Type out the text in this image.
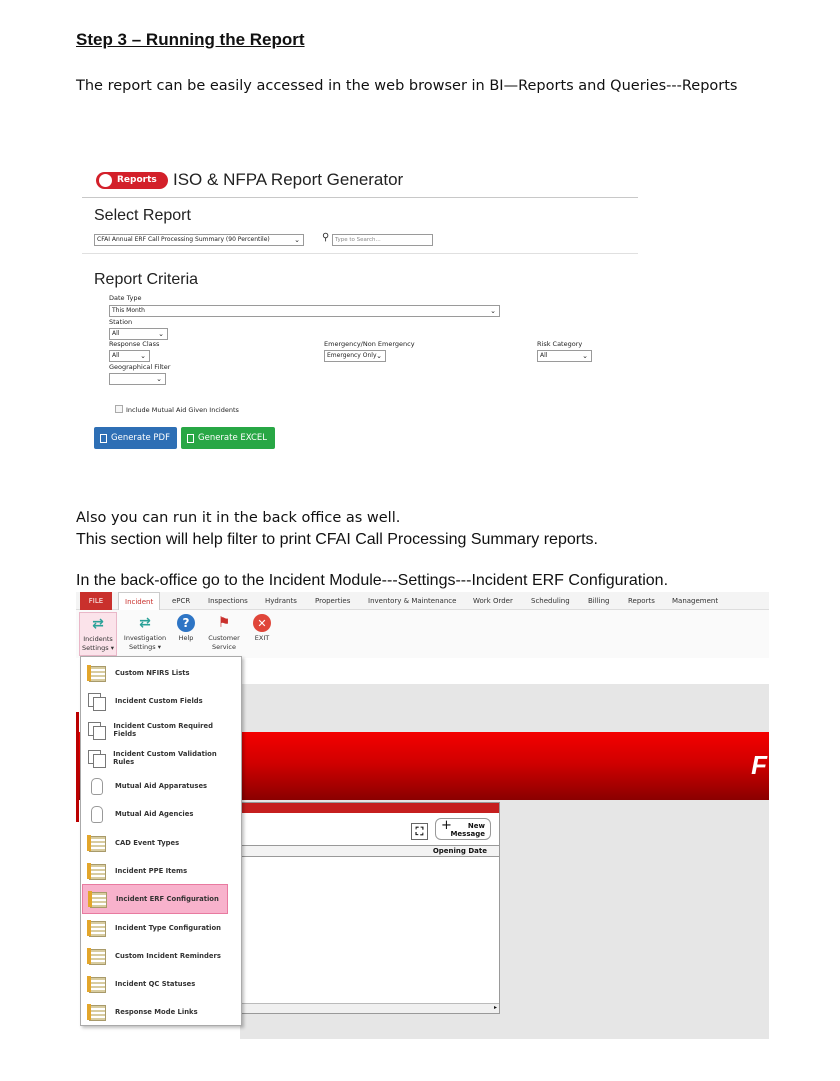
Step 3 – Running the Report
The report can be easily accessed in the web browser in BI—Reports and Queries---Reports
Also you can run it in the back office as well.
This section will help filter to print CFAI Call Processing Summary reports.
In the back-office go to the Incident Module---Settings---Incident ERF Configuration.
Reports ISO & NFPA Report Generator
Select Report
CFAI Annual ERF Call Processing Summary (90 Percentile)	⌄ ⚲	Type to Search...
Report Criteria
Date Type
This Month	⌄
Station
All	⌄
Response Class
All	⌄
Emergency/Non Emergency
Emergency Only ⌄
Risk Category
All	⌄
Geographical Filter
⌄
Include Mutual Aid Given Incidents
Generate PDF	Generate EXCEL
F
⛶	+	New
Message
Opening Date
▸
FILE	Incident	ePCR	Inspections Hydrants	Properties	Inventory & Maintenance Work Order	Scheduling	Billing	Reports Management
⇄
Incidents
Settings ▾
⇄
Investigation
Settings ▾
?
Help
⚑
Customer
Service
✕
EXIT
Custom NFIRS Lists
Incident Custom Fields
Incident Custom Required Fields
Incident Custom Validation Rules
Mutual Aid Apparatuses
Mutual Aid Agencies
CAD Event Types
Incident PPE Items
Incident ERF Configuration
Incident Type Configuration
Custom Incident Reminders
Incident QC Statuses
Response Mode Links
